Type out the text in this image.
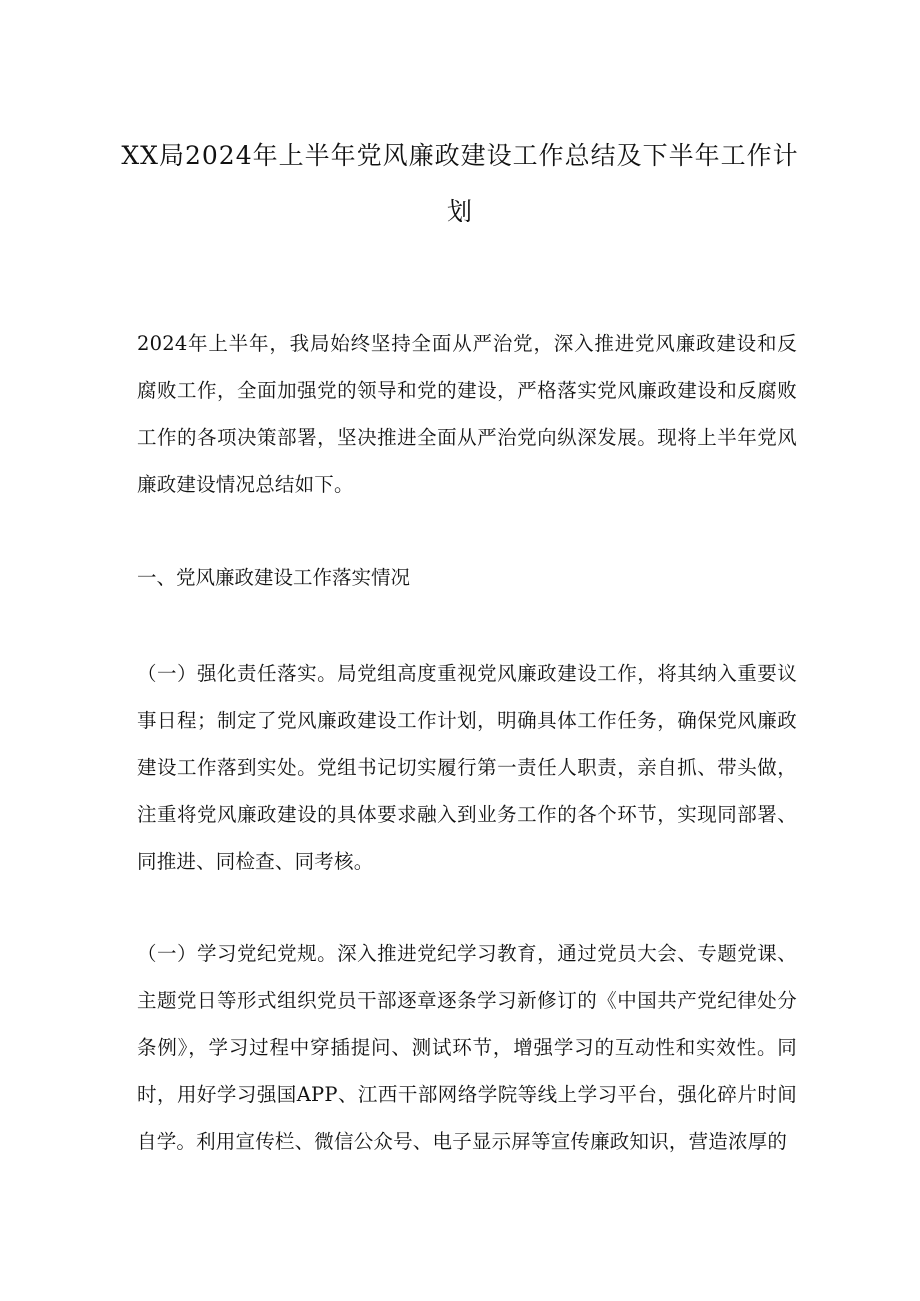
XX局2024年上半年党风廉政建设工作总结及下半年工作计
划

2024年上半年，我局始终坚持全面从严治党，深入推进党风廉政建设和反腐败工作，全面加强党的领导和党的建设，严格落实党风廉政建设和反腐败工作的各项决策部署，坚决推进全面从严治党向纵深发展。现将上半年党风廉政建设情况总结如下。

一、党风廉政建设工作落实情况

（一）强化责任落实。局党组高度重视党风廉政建设工作，将其纳入重要议事日程；制定了党风廉政建设工作计划，明确具体工作任务，确保党风廉政建设工作落到实处。党组书记切实履行第一责任人职责，亲自抓、带头做，注重将党风廉政建设的具体要求融入到业务工作的各个环节，实现同部署、同推进、同检查、同考核。

（一）学习党纪党规。深入推进党纪学习教育，通过党员大会、专题党课、主题党日等形式组织党员干部逐章逐条学习新修订的《中国共产党纪律处分条例》，学习过程中穿插提问、测试环节，增强学习的互动性和实效性。同时，用好学习强国APP、江西干部网络学院等线上学习平台，强化碎片时间自学。利用宣传栏、微信公众号、电子显示屏等宣传廉政知识，营造浓厚的
